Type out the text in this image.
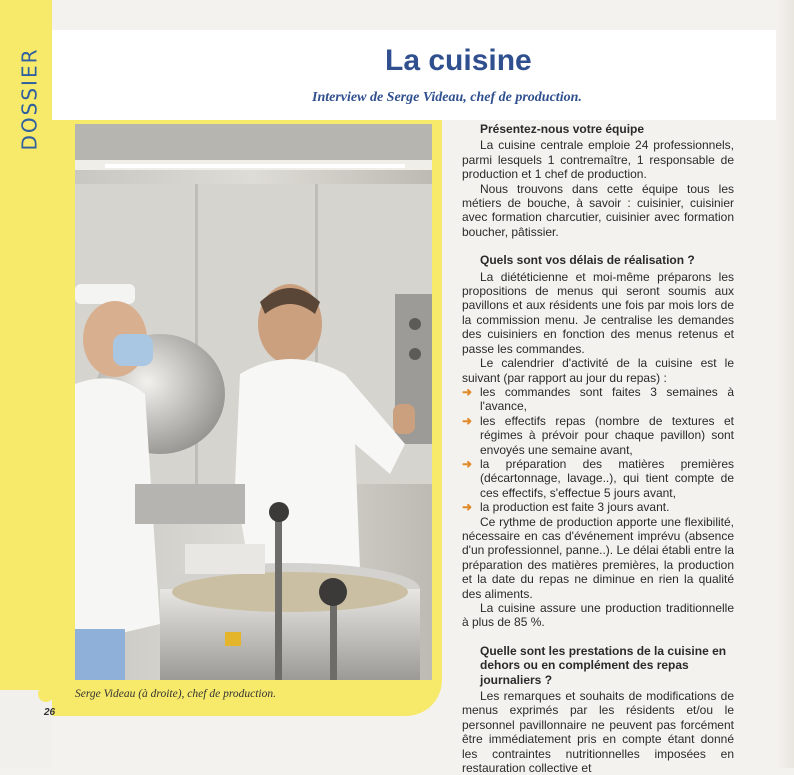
DOSSIER	La cuisine
Interview de Serge Videau, chef de production.
Serge Videau (à droite), chef de production.
26
Présentez-nous votre équipe

La cuisine centrale emploie 24 professionnels, parmi lesquels 1 contremaître, 1 responsable de production et 1 chef de production.

Nous trouvons dans cette équipe tous les métiers de bouche, à savoir : cuisinier, cuisinier avec formation charcutier, cuisinier avec formation boucher, pâtissier.

Quels sont vos délais de réalisation ?

La diététicienne et moi-même préparons les propositions de menus qui seront soumis aux pavillons et aux résidents une fois par mois lors de la commission menu. Je centralise les demandes des cuisiniers en fonction des menus retenus et passe les commandes.

Le calendrier d'activité de la cuisine est le suivant (par rapport au jour du repas) :

➜ les commandes sont faites 3 semaines à l'avance,
➜ les effectifs repas (nombre de textures et régimes à prévoir pour chaque pavillon) sont envoyés une semaine avant,
➜ la préparation des matières premières (décartonnage, lavage..), qui tient compte de ces effectifs, s'effectue 5 jours avant,
➜ la production est faite 3 jours avant.

Ce rythme de production apporte une flexibilité, nécessaire en cas d'événement imprévu (absence d'un professionnel, panne..). Le délai établi entre la préparation des matières premières, la production et la date du repas ne diminue en rien la qualité des aliments.

La cuisine assure une production traditionnelle à plus de 85 %.

Quelle sont les prestations de la cuisine en dehors ou en complément des repas journaliers ?

Les remarques et souhaits de modifications de menus exprimés par les résidents et/ou le personnel pavillonnaire ne peuvent pas forcément être immédiatement pris en compte étant donné les contraintes nutritionnelles imposées en restauration collective et
